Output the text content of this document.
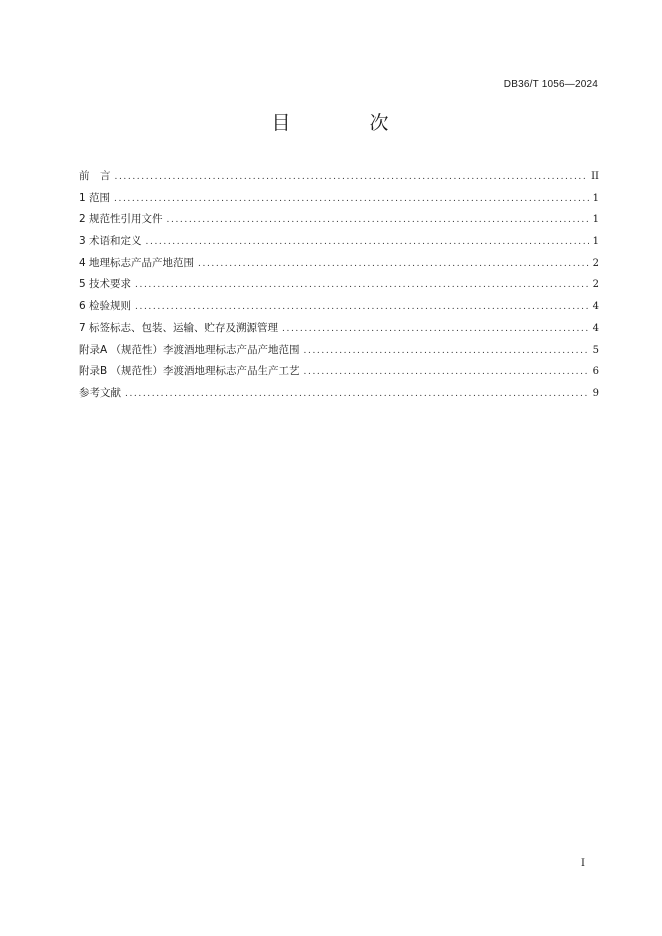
DB36/T 1056—2024
目　次
前　言 .....	II
1 范围 .....	1
2 规范性引用文件 .....	1
3 术语和定义 .....	1
4 地理标志产品产地范围 .....	2
5 技术要求 .....	2
6 检验规则 .....	4
7 标签标志、包装、运输、贮存及溯源管理 .....	4
附录A （规范性）李渡酒地理标志产品产地范围 .....	5
附录B （规范性）李渡酒地理标志产品生产工艺 .....	6
参考文献 .....	9
I
